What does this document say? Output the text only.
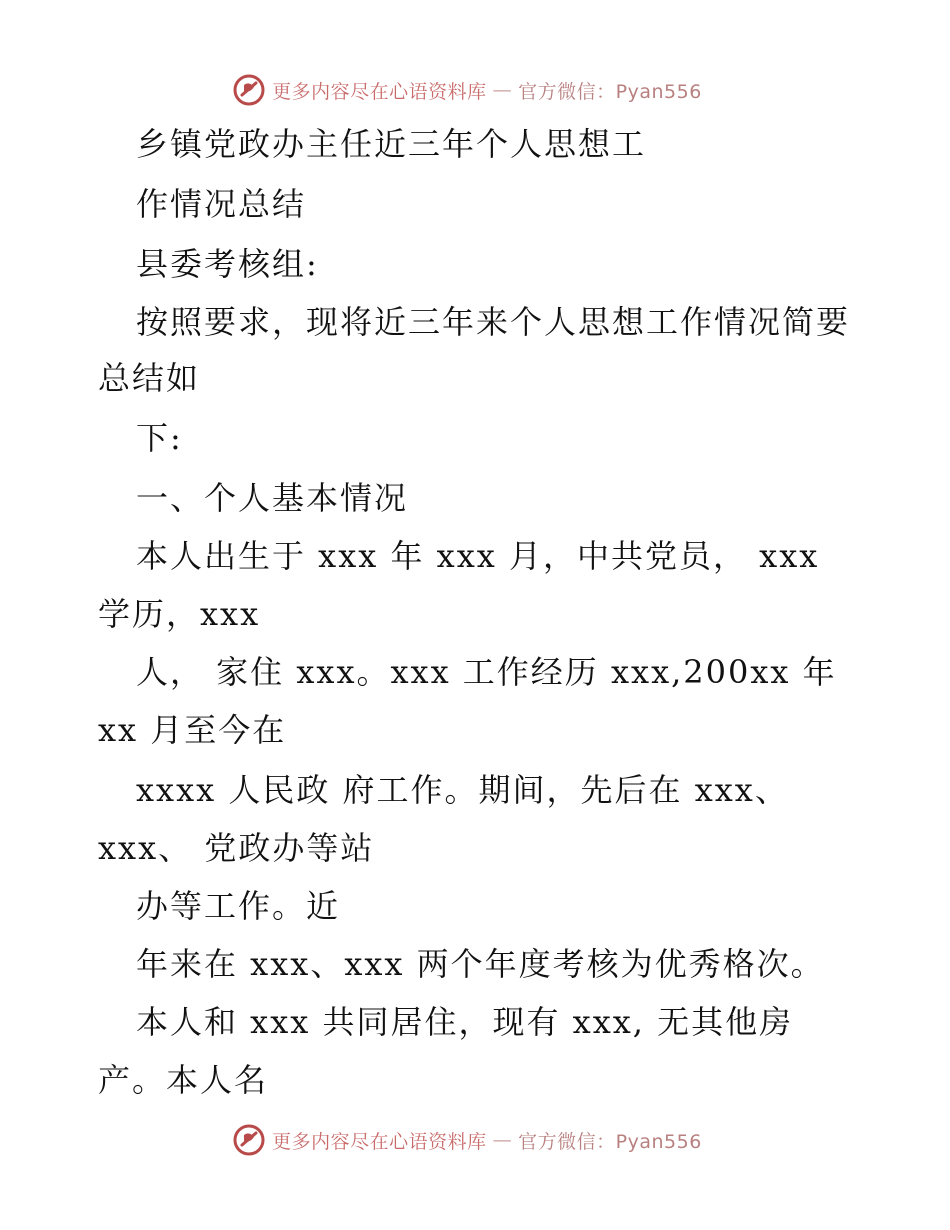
更多内容尽在心语资料库 — 官方微信：Pyan556
乡镇党政办主任近三年个人思想工
作情况总结
县委考核组:
按照要求，现将近三年来个人思想工作情况简要
总结如
下:
一、个人基本情况
本人出生于 xxx 年 xxx 月，中共党员， xxx
学历，xxx
人， 家住 xxx。xxx 工作经历 xxx,200xx 年
xx 月至今在
xxxx 人民政 府工作。期间，先后在 xxx、
xxx、 党政办等站
办等工作。近
年来在 xxx、xxx 两个年度考核为优秀格次。
本人和 xxx 共同居住，现有 xxx, 无其他房
产。本人名
更多内容尽在心语资料库 — 官方微信：Pyan556
